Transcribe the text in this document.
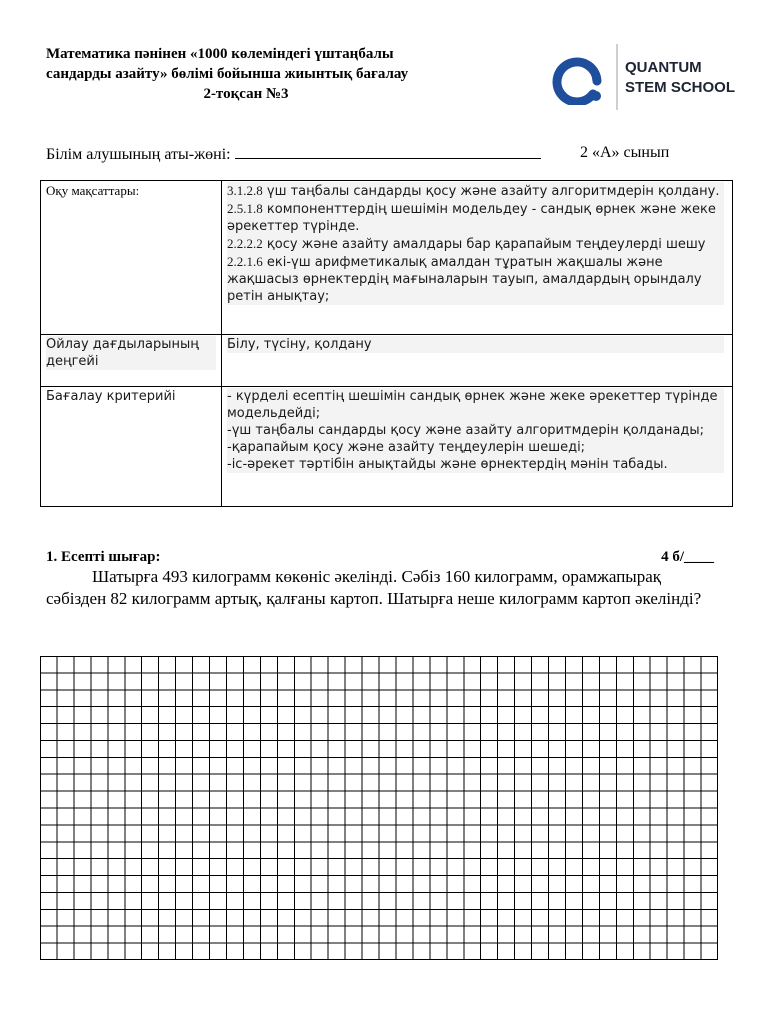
Математика пәнінен «1000 көлеміндегі үштаңбалы
сандарды азайту» бөлімі бойынша жиынтық бағалау

2-тоқсан №3
QUANTUM
STEM SCHOOL
Білім алушының аты-жөні:	2 «А» сынып
Оқу мақсаттары:	3.1.2.8 үш таңбалы сандарды қосу және азайту алгоритмдерін қолдану.
2.5.1.8 компоненттердің шешімін модельдеу - сандық өрнек және жеке әрекеттер түрінде.
2.2.2.2 қосу және азайту амалдары бар қарапайым теңдеулерді шешу
2.2.1.6 екі-үш арифметикалық амалдан тұратын жақшалы және жақшасыз өрнектердің мағыналарын тауып, амалдардың орындалу ретін анықтау;

Ойлау дағдыларының деңгейі	Білу, түсіну, қолдану

Бағалау критерийі	- күрделі есептің шешімін сандық өрнек және жеке әрекеттер түрінде модельдейді;
-үш таңбалы сандарды қосу және азайту алгоритмдерін қолданады;
-қарапайым қосу және азайту теңдеулерін шешеді;
-іс-әрекет тәртібін анықтайды және өрнектердің мәнін табады.
1. Есепті шығар:	4 б/____
Шатырға 493 килограмм көкөніс әкелінді. Сәбіз 160 килограмм, орамжапырақ сәбізден 82 килограмм артық, қалғаны картоп. Шатырға неше килограмм картоп әкелінді?
